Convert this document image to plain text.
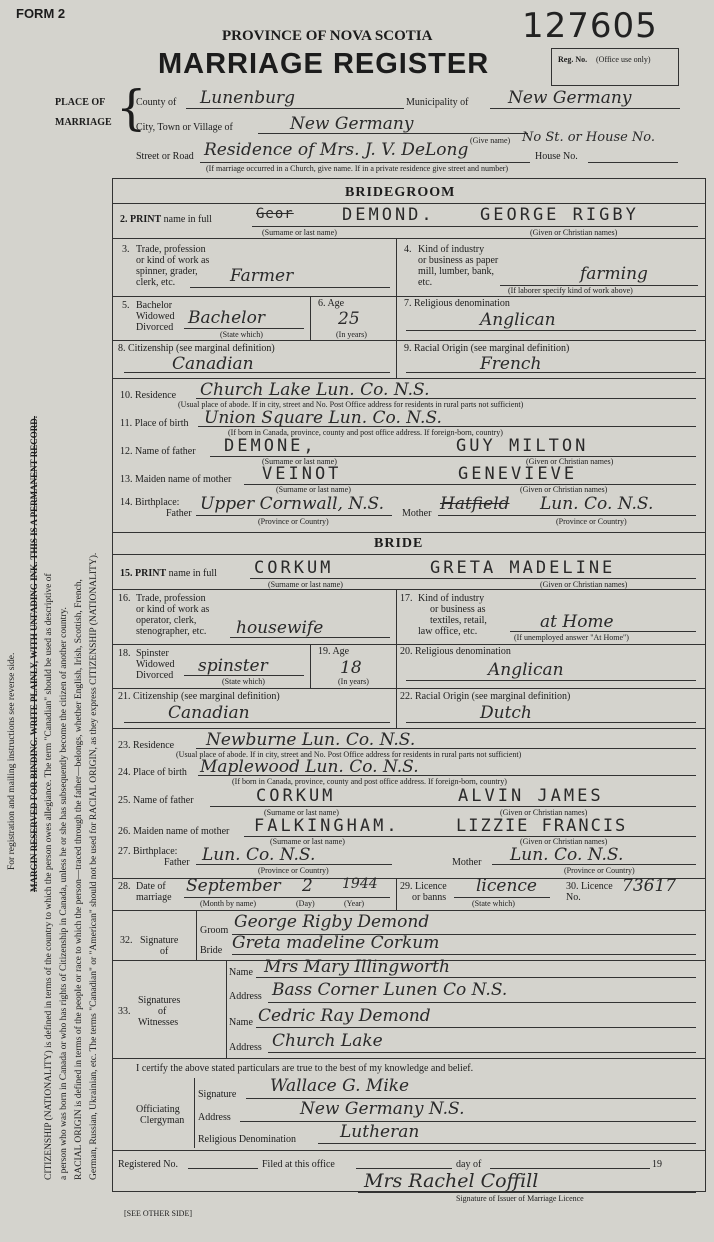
FORM 2	127605
PROVINCE OF NOVA SCOTIA
MARRIAGE REGISTER	Reg. No. (Office use only)
PLACE OF
MARRIAGE {
County of Lunenburg	Municipality of New Germany
City, Town or Village of	New Germany
(Give name)
Street or Road Residence of Mrs. J. V. DeLong
No St. or House No.
House No.
(If marriage occurred in a Church, give name. If in a private residence give street and number)
For registration and mailing instructions see reverse side. MARGIN RESERVED FOR BINDING. WRITE PLAINLY, WITH UNFADING INK. THIS IS A PERMANENT RECORD. CITIZENSHIP (NATIONALITY) is defined in terms of the country to which the person owes allegiance. The term "Canadian" should be used as descriptive of a person who was born in Canada or who has rights of Citizenship in Canada, unless he or she has subsequently become the citizen of another country. RACIAL ORIGIN is defined in terms of the people or race to which the person—traced through the father—belongs, whether English, Irish, Scottish, French, German, Russian, Ukrainian, etc. The terms "Canadian" or "American" should not be used for RACIAL ORIGIN, as they express CITIZENSHIP (NATIONALITY).
BRIDEGROOM
2. PRINT name in full	Geor	DEMOND.	GEORGE RIGBY
(Surname or last name)	(Given or Christian names)
3. Trade, profession
or kind of work as
spinner, grader,
clerk, etc.	Farmer
4. Kind of industry
or business as paper
mill, lumber, bank,
etc.	farming
(If laborer specify kind of work above)
5. Bachelor
Widowed
Divorced Bachelor
(State which)
6. Age
25
(In years)
7. Religious denomination
Anglican
8. Citizenship (see marginal definition)
Canadian
9. Racial Origin (see marginal definition)
French
10. Residence Church Lake Lun. Co. N.S.
(Usual place of abode. If in city, street and No. Post Office address for residents in rural parts not sufficient)
11. Place of birth Union Square Lun. Co. N.S.
(If born in Canada, province, county and post office address. If foreign-born, country)
12. Name of father DEMONE,	GUY MILTON
(Surname or last name)	(Given or Christian names)
13. Maiden name of mother VEINOT	GENEVIEVE
(Surname or last name)	(Given or Christian names)
14. Birthplace:
Father Upper Cornwall, N.S. Mother Hatfield Lun. Co. N.S.
(Province or Country)	(Province or Country)
BRIDE
15. PRINT name in full CORKUM	GRETA MADELINE
(Surname or last name)	(Given or Christian names)
16. Trade, profession
or kind of work as
operator, clerk,
stenographer, etc. housewife
17. Kind of industry
or business as
textiles, retail,
law office, etc.	at Home
(If unemployed answer "At Home")
18. Spinster
Widowed
Divorced spinster
(State which)
19. Age
18
(In years)
20. Religious denomination
Anglican
21. Citizenship (see marginal definition)
Canadian
22. Racial Origin (see marginal definition)
Dutch
23. Residence Newburne Lun. Co. N.S.
(Usual place of abode. If in city, street and No. Post Office address for residents in rural parts not sufficient)
24. Place of birth Maplewood Lun. Co. N.S.
(If born in Canada, province, county and post office address. If foreign-born, country)
25. Name of father	CORKUM	ALVIN JAMES
(Surname or last name)	(Given or Christian names)
26. Maiden name of mother FALKINGHAM.	LIZZIE FRANCIS
(Surname or last name)	(Given or Christian names)
27. Birthplace:
Father Lun. Co. N.S.	Mother Lun. Co. N.S.
(Province or Country)	(Province or Country)
28. Date of
marriage
September 2 1944
(Month by name)	(Day)	(Year)
29. Licence
or banns
licence
(State which)
30. Licence
No.
73617
32. Signature
of
Groom George Rigby Demond
Bride Greta madeline Corkum
Signatures
33.	of
Witnesses
Name Mrs Mary Illingworth
Address Bass Corner Lunen Co N.S.
Name Cedric Ray Demond
Address Church Lake
I certify the above stated particulars are true to the best of my knowledge and belief.
Officiating
Clergyman
Signature Wallace G. Mike
Address	New Germany N.S.
Religious Denomination	Lutheran
Registered No.	Filed at this office	day of	19
Mrs Rachel Coffill
Signature of Issuer of Marriage Licence
[SEE OTHER SIDE]
